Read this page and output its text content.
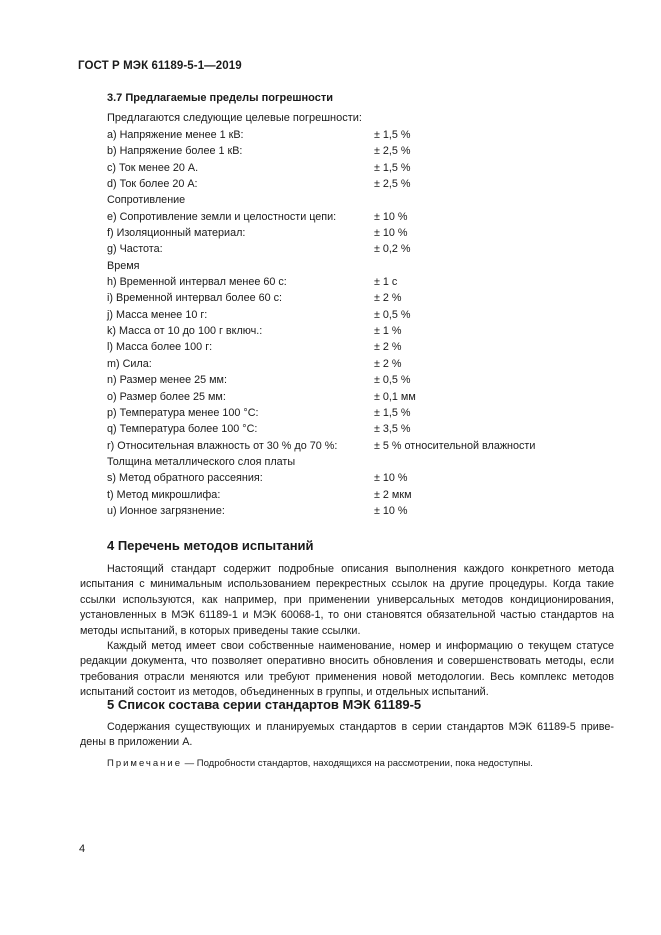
ГОСТ Р МЭК 61189-5-1—2019
3.7 Предлагаемые пределы погрешности
Предлагаются следующие целевые погрешности:
a) Напряжение менее 1 кВ:	± 1,5 %
b) Напряжение более 1 кВ:	± 2,5 %
c) Ток менее 20 А.	± 1,5 %
d) Ток более 20 А:	± 2,5 %
Сопротивление
e) Сопротивление земли и целостности цепи:	± 10 %
f) Изоляционный материал:	± 10 %
g) Частота:	± 0,2 %
Время
h) Временной интервал менее 60 с:	± 1 с
i) Временной интервал более 60 с:	± 2 %
j) Масса менее 10 г:	± 0,5 %
k) Масса от 10 до 100 г включ.:	± 1 %
l) Масса более 100 г:	± 2 %
m) Сила:	± 2 %
n) Размер менее 25 мм:	± 0,5 %
o) Размер более 25 мм:	± 0,1 мм
p) Температура менее 100 °С:	± 1,5 %
q) Температура более 100 °С:	± 3,5 %
r) Относительная влажность от 30 % до 70 %:	± 5 % относительной влажности
Толщина металлического слоя платы
s) Метод обратного рассеяния:	± 10 %
t) Метод микрошлифа:	± 2 мкм
u) Ионное загрязнение:	± 10 %
4 Перечень методов испытаний

Настоящий стандарт содержит подробные описания выполнения каждого конкретного метода испытания с минимальным использованием перекрестных ссылок на другие процедуры. Когда такие ссылки используются, как например, при применении универсальных методов кондиционирования, установленных в МЭК 61189-1 и МЭК 60068-1, то они становятся обязательной частью стандартов на методы испытаний, в которых приведены такие ссылки.

Каждый метод имеет свои собственные наименование, номер и информацию о текущем статусе редакции документа, что позволяет оперативно вносить обновления и совершенствовать методы, если требования отрасли меняются или требуют применения новой методологии. Весь комплекс методов испытаний состоит из методов, объединенных в группы, и отдельных испытаний.

5 Список состава серии стандартов МЭК 61189-5

Содержания существующих и планируемых стандартов в серии стандартов МЭК 61189-5 приве-дены в приложении А.

Примечание — Подробности стандартов, находящихся на рассмотрении, пока недоступны.
4
